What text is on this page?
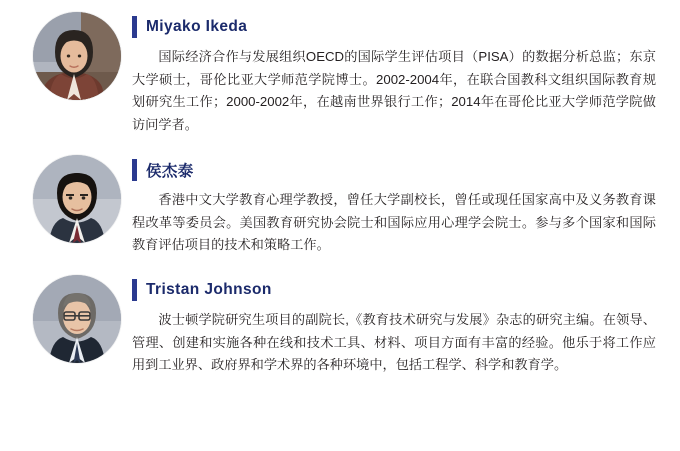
Miyako Ikeda
国际经济合作与发展组织OECD的国际学生评估项目（PISA）的数据分析总监；东京大学硕士，哥伦比亚大学师范学院博士。2002-2004年，在联合国教科文组织国际教育规划研究生工作；2000-2002年，在越南世界银行工作；2014年在哥伦比亚大学师范学院做访问学者。
侯杰泰
香港中文大学教育心理学教授，曾任大学副校长，曾任或现任国家高中及义务教育课程改革等委员会。美国教育研究协会院士和国际应用心理学会院士。参与多个国家和国际教育评估项目的技术和策略工作。
Tristan Johnson
波士顿学院研究生项目的副院长,《教育技术研究与发展》杂志的研究主编。在领导、管理、创建和实施各种在线和技术工具、材料、项目方面有丰富的经验。他乐于将工作应用到工业界、政府界和学术界的各种环境中，包括工程学、科学和教育学。
